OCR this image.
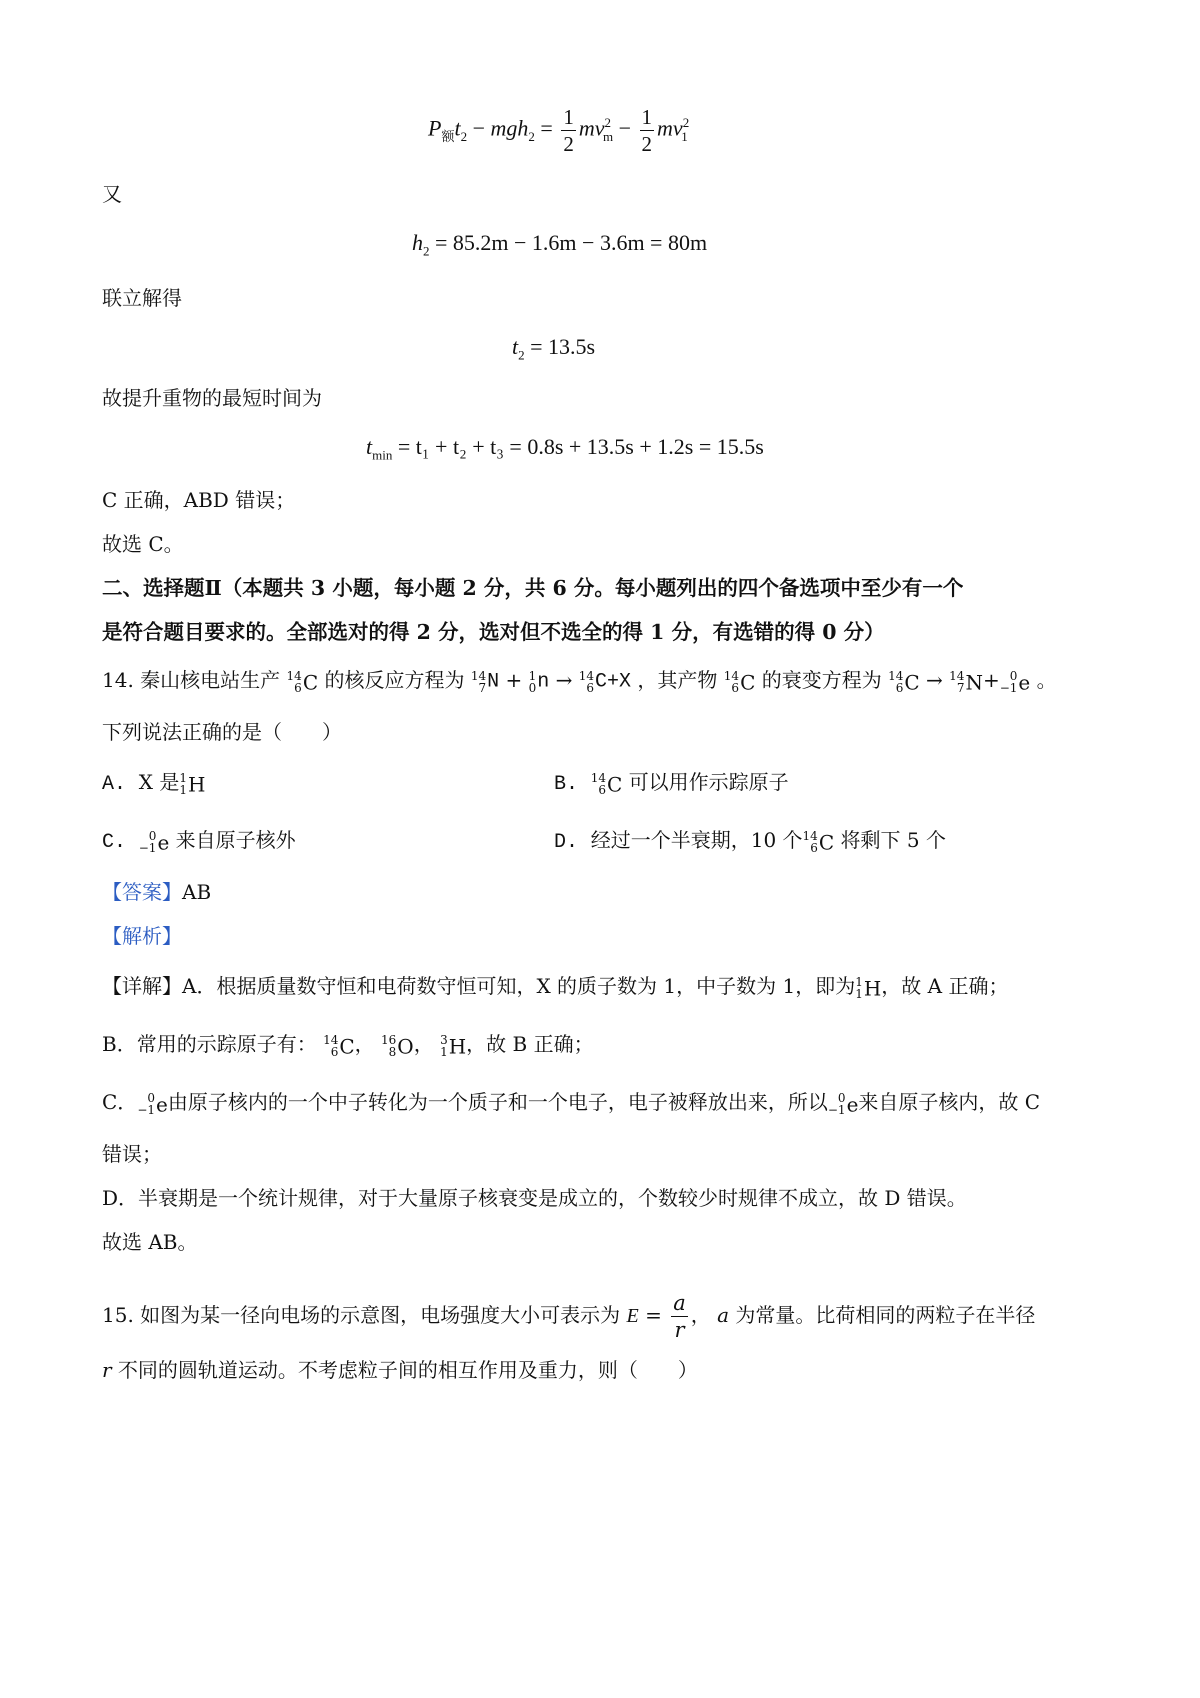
$P_额t_2 - mgh_2 = \frac{1}{2} mv^2_m - \frac{1}{2} mv^2_1$
又
$h_2 = 85.2m - 1.6m - 3.6m = 80m$
联立解得
$t_2 = 13.5s$
故提升重物的最短时间为
$t_{min} = t_1 + t_2 + t_3 = 0.8s + 13.5s + 1.2s = 15.5s$
C 正确，ABD 错误；
故选 C。
二、选择题Ⅱ（本题共 3 小题，每小题 2 分，共 6 分。每小题列出的四个备选项中至少有一个
是符合题目要求的。全部选对的得 2 分，选对但不选全的得 1 分，有选错的得 0 分）
14. 秦山核电站生产 14
6 C 的核反应方程为 14
7 N + 1
0 n → 14
6 C+X ，其产物 14
6 C 的衰变方程为 14
6 C → 14
7 N+ 0
−1 e 。
下列说法正确的是（　　）
A. X 是 1
1 H	B. 14
6 C 可以用作示踪原子
C. 0
−1 e 来自原子核外	D. 经过一个半衰期，10 个 14
6 C 将剩下 5 个
【答案】AB
【解析】
【详解】A．根据质量数守恒和电荷数守恒可知，X 的质子数为 1，中子数为 1，即为 1
1 H，故 A 正确；
B．常用的示踪原子有： 14
6 C， 16
8 O， 3
1 H，故 B 正确；
C． 0
−1 e由原子核内的一个中子转化为一个质子和一个电子，电子被释放出来，所以 0
−1 e来自原子核内，故 C
错误；
D．半衰期是一个统计规律，对于大量原子核衰变是成立的，个数较少时规律不成立，故 D 错误。
故选 AB。
15. 如图为某一径向电场的示意图，电场强度大小可表示为 $E = \frac{a}{r}$ ， a 为常量。比荷相同的两粒子在半径
r 不同的圆轨道运动。不考虑粒子间的相互作用及重力，则（　　）
